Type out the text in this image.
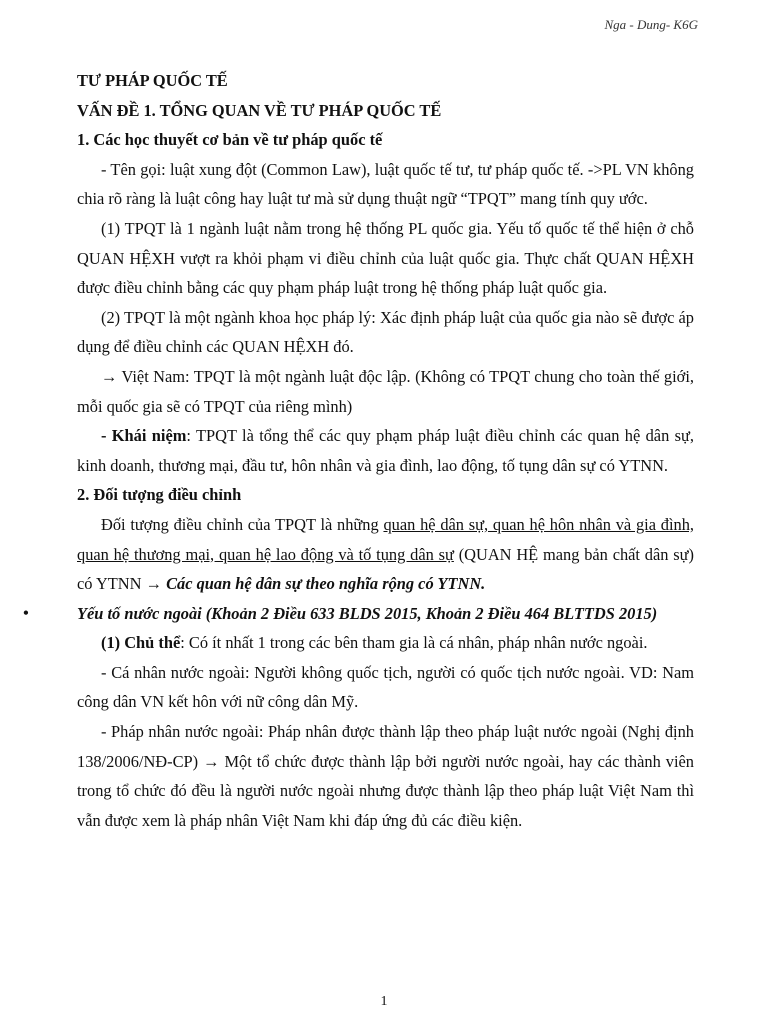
Nga - Dung- K6G

TƯ PHÁP QUỐC TẾ

VẤN ĐỀ 1. TỔNG QUAN VỀ TƯ PHÁP QUỐC TẾ

1. Các học thuyết cơ bản về tư pháp quốc tế

- Tên gọi: luật xung đột (Common Law), luật quốc tế tư, tư pháp quốc tế. ->PL VN không chia rõ ràng là luật công hay luật tư mà sử dụng thuật ngữ “TPQT” mang tính quy ước.

(1) TPQT là 1 ngành luật nằm trong hệ thống PL quốc gia. Yếu tố quốc tế thể hiện ở chỗ QUAN HỆXH vượt ra khỏi phạm vi điều chỉnh của luật quốc gia. Thực chất QUAN HỆXH được điều chỉnh bằng các quy phạm pháp luật trong hệ thống pháp luật quốc gia.

(2) TPQT là một ngành khoa học pháp lý: Xác định pháp luật của quốc gia nào sẽ được áp dụng để điều chỉnh các QUAN HỆXH đó.

→ Việt Nam: TPQT là một ngành luật độc lập. (Không có TPQT chung cho toàn thế giới, mỗi quốc gia sẽ có TPQT của riêng mình)

- Khái niệm: TPQT là tổng thể các quy phạm pháp luật điều chỉnh các quan hệ dân sự, kinh doanh, thương mại, đầu tư, hôn nhân và gia đình, lao động, tố tụng dân sự có YTNN.

2. Đối tượng điều chỉnh

Đối tượng điều chỉnh của TPQT là những quan hệ dân sự, quan hệ hôn nhân và gia đình, quan hệ thương mại, quan hệ lao động và tố tụng dân sự (QUAN HỆ mang bản chất dân sự) có YTNN → Các quan hệ dân sự theo nghĩa rộng có YTNN.

•	Yếu tố nước ngoài (Khoản 2 Điều 633 BLDS 2015, Khoản 2 Điều 464 BLTTDS 2015)

(1) Chủ thể: Có ít nhất 1 trong các bên tham gia là cá nhân, pháp nhân nước ngoài.

- Cá nhân nước ngoài: Người không quốc tịch, người có quốc tịch nước ngoài. VD: Nam công dân VN kết hôn với nữ công dân Mỹ.

- Pháp nhân nước ngoài: Pháp nhân được thành lập theo pháp luật nước ngoài (Nghị định 138/2006/NĐ-CP) → Một tổ chức được thành lập bởi người nước ngoài, hay các thành viên trong tổ chức đó đều là người nước ngoài nhưng được thành lập theo pháp luật Việt Nam thì vẫn được xem là pháp nhân Việt Nam khi đáp ứng đủ các điều kiện.

1
